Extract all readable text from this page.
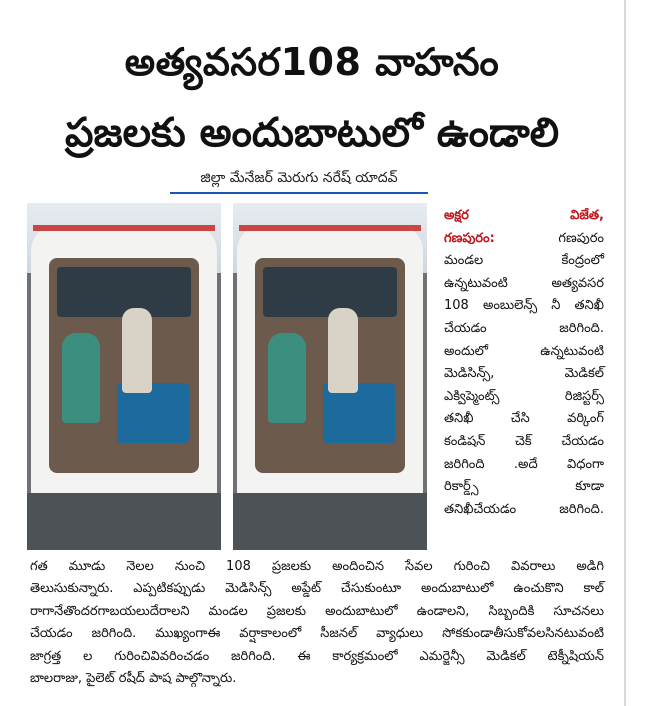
అత్యవసర108 వాహనం
ప్రజలకు అందుబాటులో ఉండాలి
జిల్లా మేనేజర్ మెరుగు నరేష్ యాదవ్
అక్షర విజేత,
గణపురం:	గణపురం
మండల కేంద్రంలో
ఉన్నటువంటి అత్యవసర
108 అంబులెన్స్ నీ తనిఖీ
చేయడం జరిగింది.
అందులో ఉన్నటువంటి
మెడిసిన్స్, మెడికల్
ఎక్విప్మెంట్స్ రిజిస్టర్స్
తనిఖీ చేసి వర్కింగ్
కండిషన్ చెక్ చేయడం
జరిగింది .అదే విధంగా
రికార్డ్స్ కూడా
తనిఖీచేయడం జరిగింది.
గత మూడు నెలల నుంచి 108 ప్రజలకు అందించిన సేవల గురించి వివరాలు అడిగి
తెలుసుకున్నారు. ఎప్పటికప్పుడు మెడిసిన్స్ అప్డేట్ చేసుకుంటూ అందుబాటులో ఉంచుకొని కాల్
రాగానేతొందరగాబయలుదేరాలని మండల ప్రజలకు అందుబాటులో ఉండాలని, సిబ్బందికి సూచనలు
చేయడం జరిగింది. ముఖ్యంగాఈ వర్షాకాలంలో సీజనల్ వ్యాధులు సోకకుండాతీసుకోవలసినటువంటి
జాగ్రత్త ల గురించివివరించడం జరిగింది. ఈ కార్యక్రమంలో ఎమర్జెన్సీ మెడికల్ టెక్నీషియన్
బాలరాజు, పైలెట్ రషీద్ పాష పాల్గొన్నారు.
